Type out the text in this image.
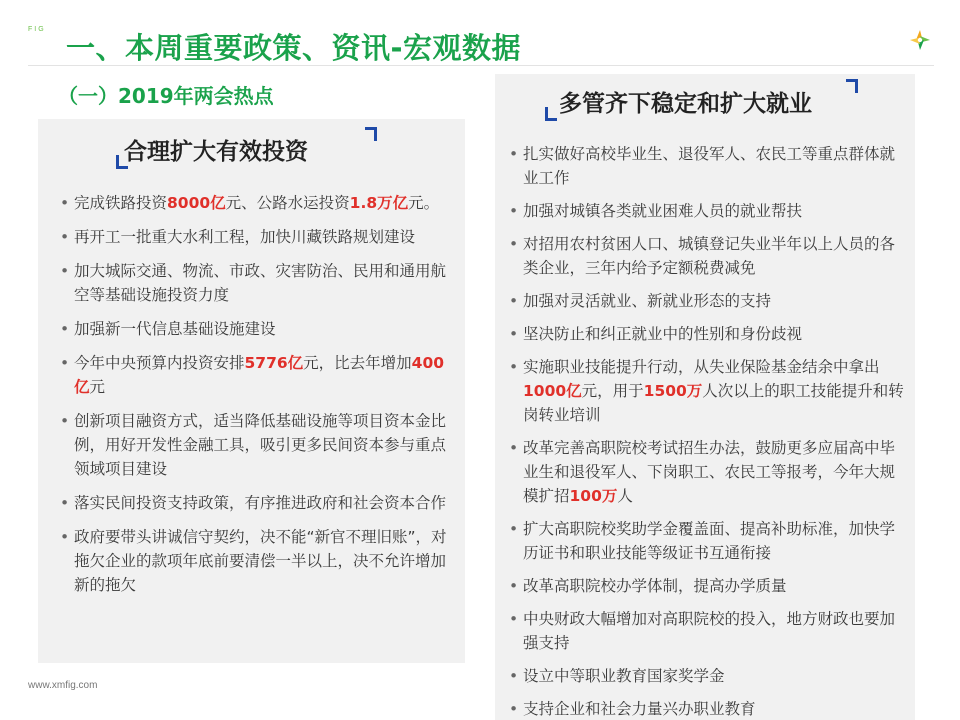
FIG
一、本周重要政策、资讯-宏观数据
（一）2019年两会热点
合理扩大有效投资
• 完成铁路投资8000亿元、公路水运投资1.8万亿元。
• 再开工一批重大水利工程，加快川藏铁路规划建设
• 加大城际交通、物流、市政、灾害防治、民用和通用航空等基础设施投资力度
• 加强新一代信息基础设施建设
• 今年中央预算内投资安排5776亿元，比去年增加400亿元
• 创新项目融资方式，适当降低基础设施等项目资本金比例，用好开发性金融工具，吸引更多民间资本参与重点领域项目建设
• 落实民间投资支持政策，有序推进政府和社会资本合作
• 政府要带头讲诚信守契约，决不能“新官不理旧账”，对拖欠企业的款项年底前要清偿一半以上，决不允许增加新的拖欠
多管齐下稳定和扩大就业
• 扎实做好高校毕业生、退役军人、农民工等重点群体就业工作
• 加强对城镇各类就业困难人员的就业帮扶
• 对招用农村贫困人口、城镇登记失业半年以上人员的各类企业，三年内给予定额税费减免
• 加强对灵活就业、新就业形态的支持
• 坚决防止和纠正就业中的性别和身份歧视
• 实施职业技能提升行动，从失业保险基金结余中拿出1000亿元，用于1500万人次以上的职工技能提升和转岗转业培训
• 改革完善高职院校考试招生办法，鼓励更多应届高中毕业生和退役军人、下岗职工、农民工等报考，今年大规模扩招100万人
• 扩大高职院校奖助学金覆盖面、提高补助标准，加快学历证书和职业技能等级证书互通衔接
• 改革高职院校办学体制，提高办学质量
• 中央财政大幅增加对高职院校的投入，地方财政也要加强支持
• 设立中等职业教育国家奖学金
• 支持企业和社会力量兴办职业教育
www.xmfig.com
